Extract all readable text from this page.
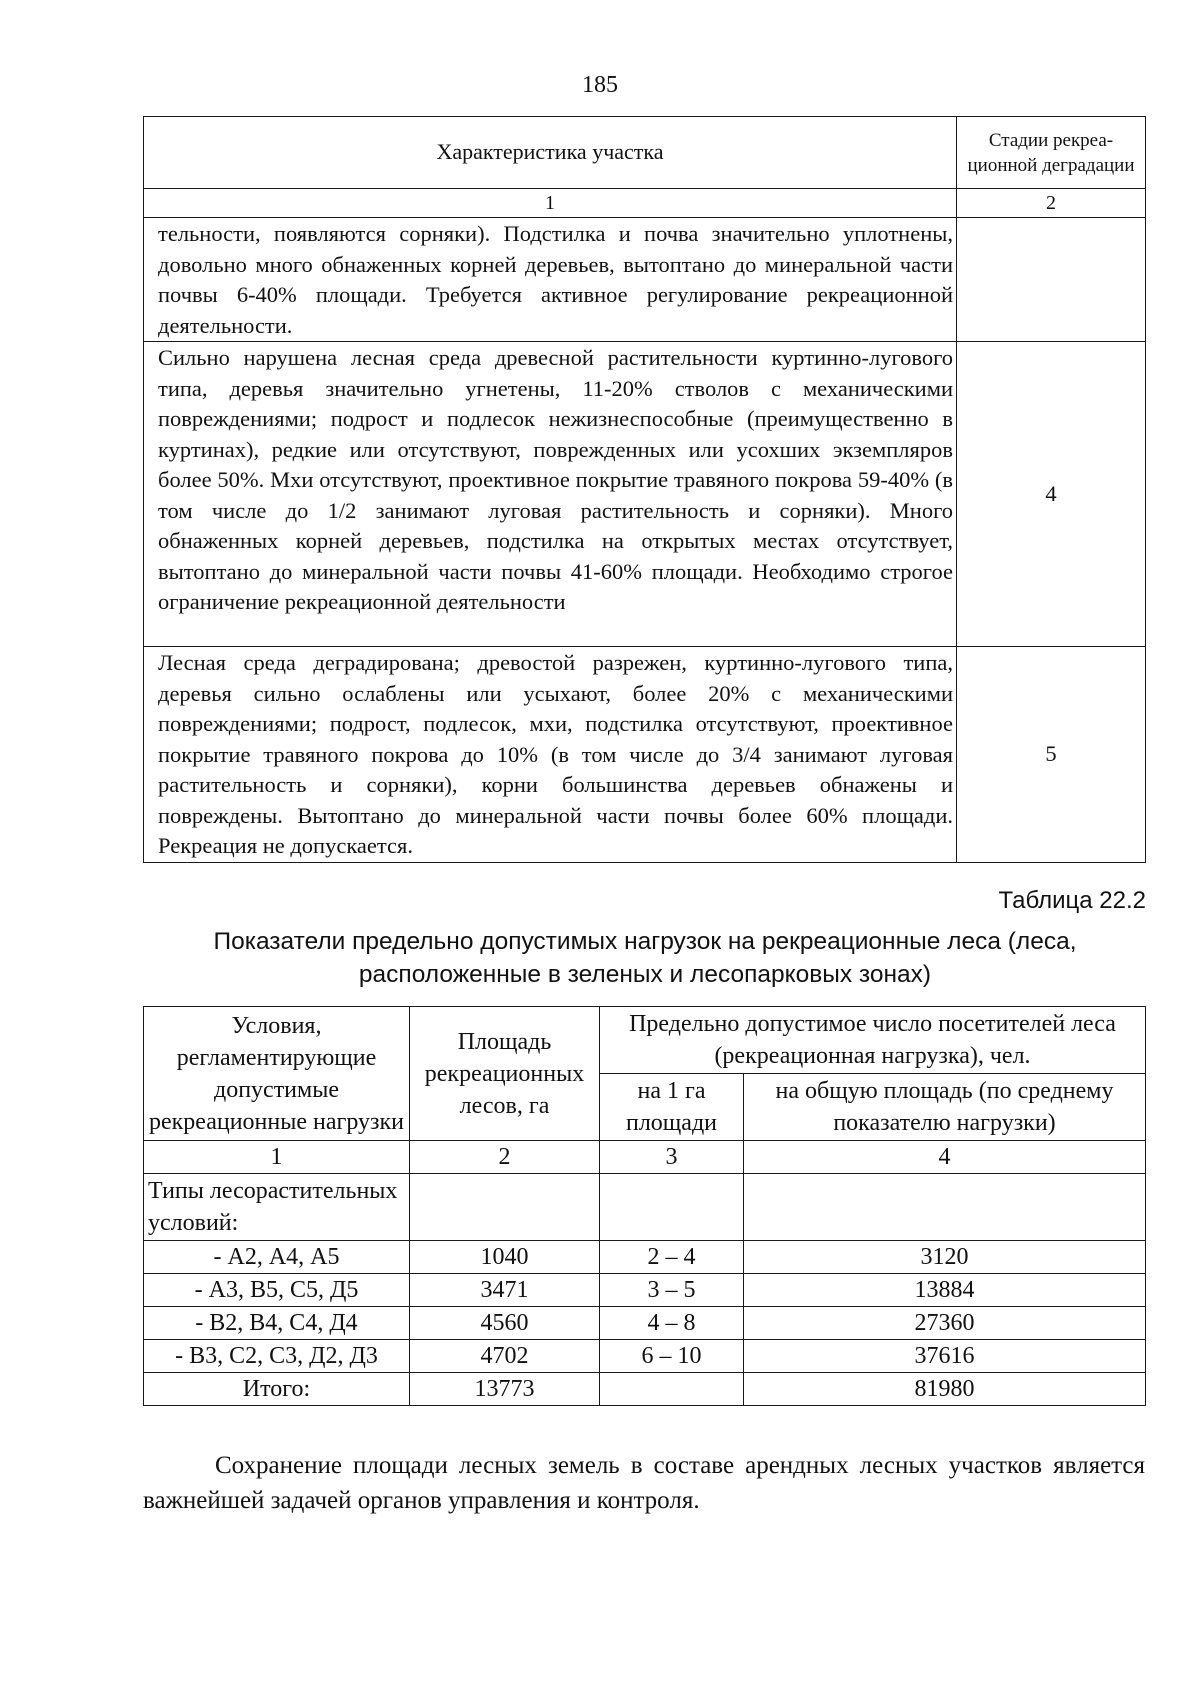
185
Характеристика участка	Стадии рекреа-ционной деградации
1	2
тельности, появляются сорняки). Подстилка и почва значительно уплотнены, довольно много обнаженных корней деревьев, вытоптано до минеральной части почвы 6-40% площади. Требуется активное регулирование рекреационной деятельности.	
Сильно нарушена лесная среда древесной растительности куртинно-лугового типа, деревья значительно угнетены, 11-20% стволов с механическими повреждениями; подрост и подлесок нежизнеспособные (преимущественно в куртинах), редкие или отсутствуют, поврежденных или усохших экземпляров более 50%. Мхи отсутствуют, проективное покрытие травяного покрова 59-40% (в том числе до 1/2 занимают луговая растительность и сорняки). Много обнаженных корней деревьев, подстилка на открытых местах отсутствует, вытоптано до минеральной части почвы 41-60% площади. Необходимо строгое ограничение рекреационной деятельности	4
Лесная среда деградирована; древостой разрежен, куртинно-лугового типа, деревья сильно ослаблены или усыхают, более 20% с механическими повреждениями; подрост, подлесок, мхи, подстилка отсутствуют, проективное покрытие травяного покрова до 10% (в том числе до 3/4 занимают луговая растительность и сорняки), корни большинства деревьев обнажены и повреждены. Вытоптано до минеральной части почвы более 60% площади. Рекреация не допускается.	5
Таблица 22.2
Показатели предельно допустимых нагрузок на рекреационные леса (леса, расположенные в зеленых и лесопарковых зонах)
Условия, регламентирующие допустимые рекреационные нагрузки	Площадь рекреационных лесов, га	Предельно допустимое число посетителей леса (рекреационная нагрузка), чел.	
		на 1 га площади	на общую площадь (по среднему показателю нагрузки)
1	2	3	4
Типы лесорастительных условий:			
- А2, А4, А5	1040	2 – 4	3120
- А3, В5, С5, Д5	3471	3 – 5	13884
- В2, В4, С4, Д4	4560	4 – 8	27360
- В3, С2, С3, Д2, Д3	4702	6 – 10	37616
Итого:	13773		81980
Сохранение площади лесных земель в составе арендных лесных участков является важнейшей задачей органов управления и контроля.
